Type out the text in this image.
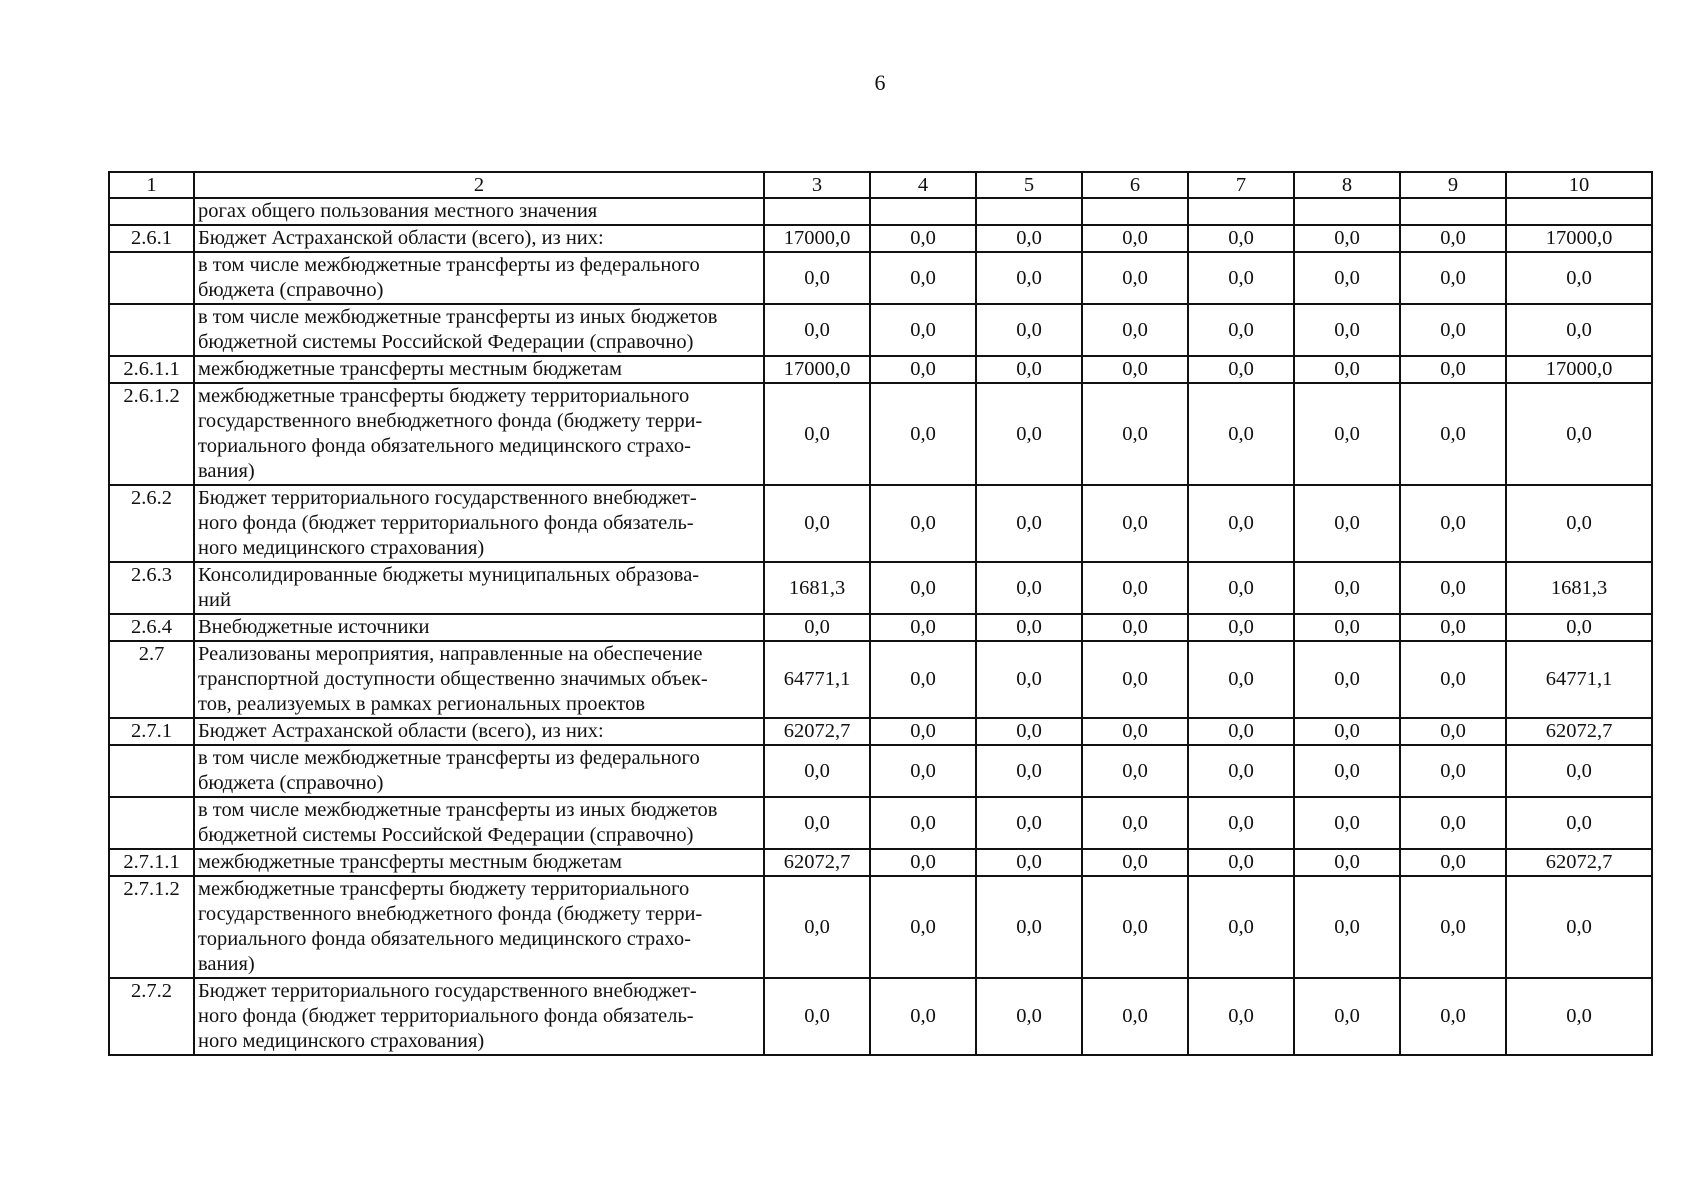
6
1	2	3	4	5	6	7	8	9	10

	рогах общего пользования местного значения								

2.6.1	Бюджет Астраханской области (всего), из них:	17000,0	0,0	0,0	0,0	0,0	0,0	0,0	17000,0

	в том числе межбюджетные трансферты из федерального
бюджета (справочно)	0,0	0,0	0,0	0,0	0,0	0,0	0,0	0,0

	в том числе межбюджетные трансферты из иных бюджетов
бюджетной системы Российской Федерации (справочно)	0,0	0,0	0,0	0,0	0,0	0,0	0,0	0,0
2.6.1.1	межбюджетные трансферты местным бюджетам	17000,0	0,0	0,0	0,0	0,0	0,0	0,0	17000,0
2.6.1.2	межбюджетные трансферты бюджету территориального
государственного внебюджетного фонда (бюджету терри-
ториального фонда обязательного медицинского страхо-
вания)	0,0	0,0	0,0	0,0	0,0	0,0	0,0	0,0
2.6.2	Бюджет территориального государственного внебюджет-
ного фонда (бюджет территориального фонда обязатель-
ного медицинского страхования)	0,0	0,0	0,0	0,0	0,0	0,0	0,0	0,0
2.6.3	Консолидированные бюджеты муниципальных образова-
ний	1681,3	0,0	0,0	0,0	0,0	0,0	0,0	1681,3
2.6.4	Внебюджетные источники	0,0	0,0	0,0	0,0	0,0	0,0	0,0	0,0
2.7	Реализованы мероприятия, направленные на обеспечение
транспортной доступности общественно значимых объек-
тов, реализуемых в рамках региональных проектов	64771,1	0,0	0,0	0,0	0,0	0,0	0,0	64771,1
2.7.1	Бюджет Астраханской области (всего), из них:	62072,7	0,0	0,0	0,0	0,0	0,0	0,0	62072,7

	в том числе межбюджетные трансферты из федерального
бюджета (справочно)	0,0	0,0	0,0	0,0	0,0	0,0	0,0	0,0

	в том числе межбюджетные трансферты из иных бюджетов
бюджетной системы Российской Федерации (справочно)	0,0	0,0	0,0	0,0	0,0	0,0	0,0	0,0
2.7.1.1	межбюджетные трансферты местным бюджетам	62072,7	0,0	0,0	0,0	0,0	0,0	0,0	62072,7
2.7.1.2	межбюджетные трансферты бюджету территориального
государственного внебюджетного фонда (бюджету терри-
ториального фонда обязательного медицинского страхо-
вания)	0,0	0,0	0,0	0,0	0,0	0,0	0,0	0,0
2.7.2	Бюджет территориального государственного внебюджет-
ного фонда (бюджет территориального фонда обязатель-
ного медицинского страхования)	0,0	0,0	0,0	0,0	0,0	0,0	0,0	0,0
